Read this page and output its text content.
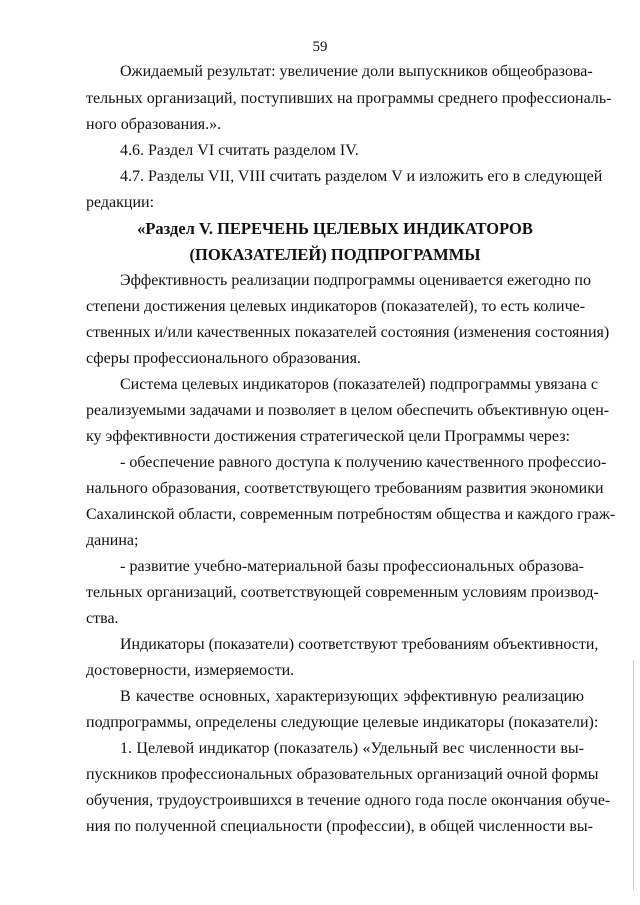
59
Ожидаемый результат: увеличение доли выпускников общеобразова-
тельных организаций, поступивших на программы среднего профессиональ-
ного образования.».
4.6. Раздел VI считать разделом IV.
4.7. Разделы VII, VIII считать разделом V и изложить его в следующей
редакции:
«Раздел V. ПЕРЕЧЕНЬ ЦЕЛЕВЫХ ИНДИКАТОРОВ
(ПОКАЗАТЕЛЕЙ) ПОДПРОГРАММЫ
Эффективность реализации подпрограммы оценивается ежегодно по
степени достижения целевых индикаторов (показателей), то есть количе-
ственных и/или качественных показателей состояния (изменения состояния)
сферы профессионального образования.
Система целевых индикаторов (показателей) подпрограммы увязана с
реализуемыми задачами и позволяет в целом обеспечить объективную оцен-
ку эффективности достижения стратегической цели Программы через:
- обеспечение равного доступа к получению качественного профессио-
нального образования, соответствующего требованиям развития экономики
Сахалинской области, современным потребностям общества и каждого граж-
данина;
- развитие учебно-материальной базы профессиональных образова-
тельных организаций, соответствующей современным условиям производ-
ства.
Индикаторы (показатели) соответствуют требованиям объективности,
достоверности, измеряемости.
В качестве основных, характеризующих эффективную реализацию
подпрограммы, определены следующие целевые индикаторы (показатели):
1. Целевой индикатор (показатель) «Удельный вес численности вы-
пускников профессиональных образовательных организаций очной формы
обучения, трудоустроившихся в течение одного года после окончания обуче-
ния по полученной специальности (профессии), в общей численности вы-
